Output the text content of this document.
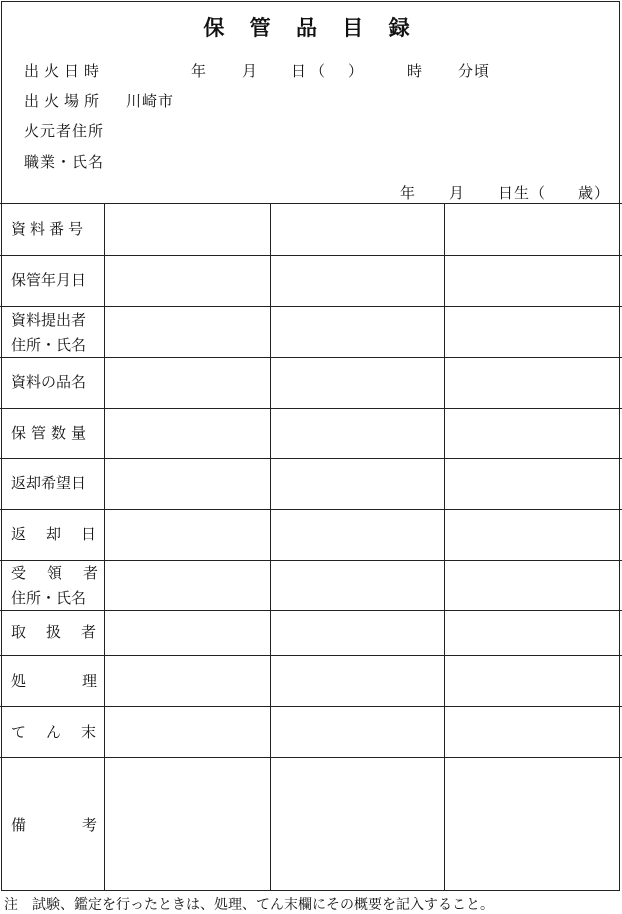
保 管 品 目 録
出火日時	年 月 日（　）	時 分頃
出火場所 川崎市
火元者住所
職業・氏名
年 月 日生（　　歳）
資料番号
保管年月日
資料提出者
住所・氏名
資料の品名
保管数量
返却希望日
返却日
受領者
住所・氏名
取扱者
処理
てん末
備考
注　試験、鑑定を行ったときは、処理、てん末欄にその概要を記入すること。
